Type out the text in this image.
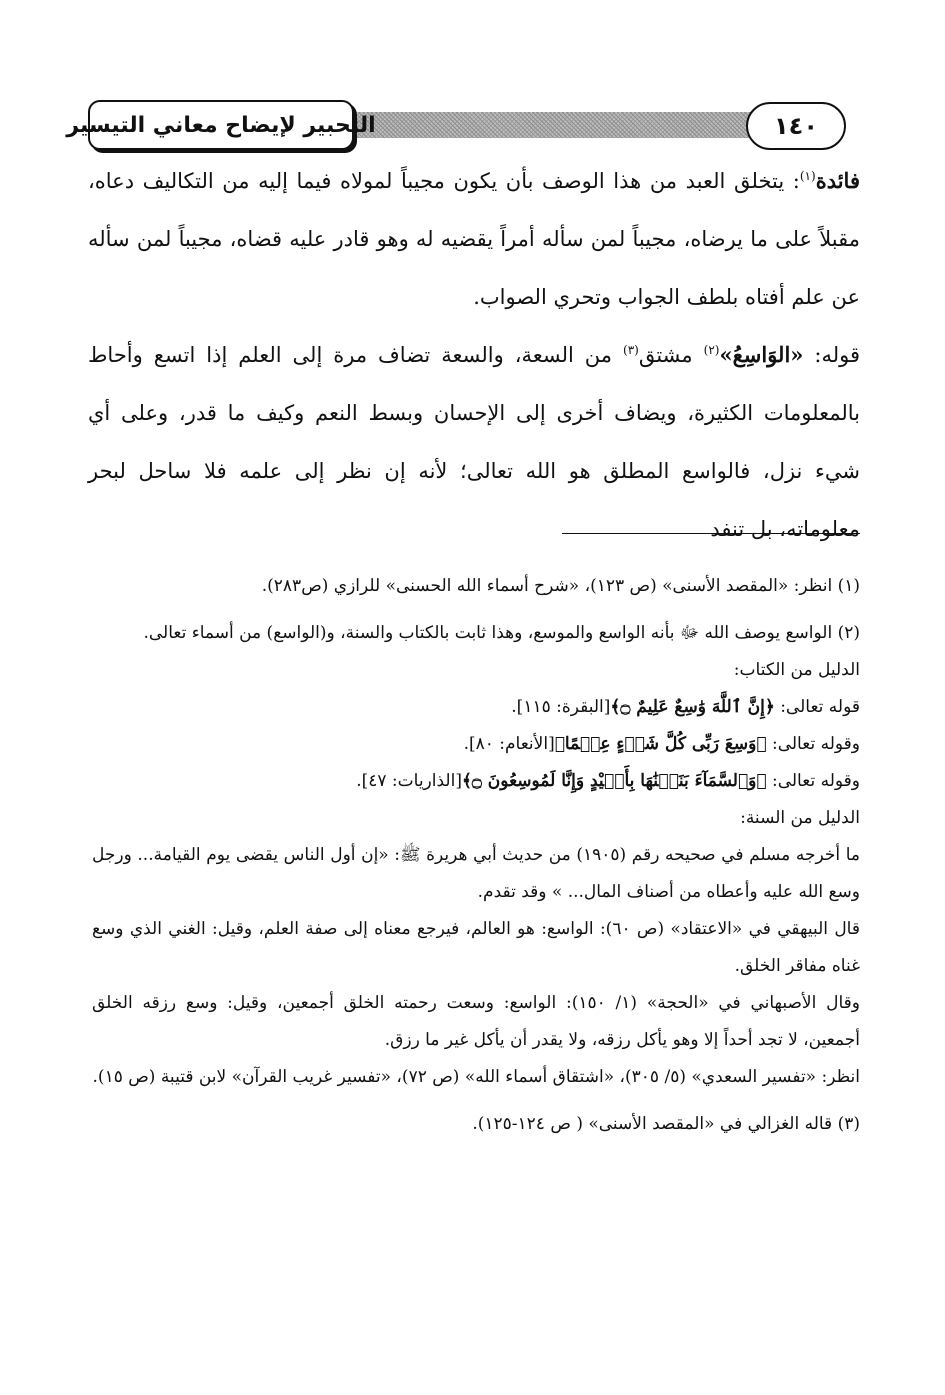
التحبير لإيضاح معاني التيسير	١٤٠

فائدة$^{(١)}$: يتخلق العبد من هذا الوصف بأن يكون مجيباً لمولاه فيما إليه من التكاليف دعاه، مقبلاً على ما يرضاه، مجيباً لمن سأله أمراً يقضيه له وهو قادر عليه قضاه، مجيباً لمن سأله عن علم أفتاه بلطف الجواب وتحري الصواب.

قوله: «الوَاسِعُ»$^{(٢)}$ مشتق$^{(٣)}$ من السعة، والسعة تضاف مرة إلى العلم إذا اتسع وأحاط بالمعلومات الكثيرة، ويضاف أخرى إلى الإحسان وبسط النعم وكيف ما قدر، وعلى أي شيء نزل، فالواسع المطلق هو الله تعالى؛ لأنه إن نظر إلى علمه فلا ساحل لبحر معلوماته، بل تنفد

(١) انظر: «المقصد الأسنى» (ص ١٢٣)، «شرح أسماء الله الحسنى» للرازي (ص٢٨٣).

(٢) الواسع يوصف الله ﷻ بأنه الواسع والموسع، وهذا ثابت بالكتاب والسنة، و(الواسع) من أسماء تعالى.

الدليل من الكتاب:

قوله تعالى: ﴿إِنَّ ٱللَّهَ وَٰسِعٌ عَلِيمٌ ۝﴾[البقرة: ١١٥].

وقوله تعالى: ﴿وَسِعَ رَبِّى كُلَّ شَىۡءٍ عِلۡمًا﴾[الأنعام: ٨٠].

وقوله تعالى: ﴿وَٱلسَّمَآءَ بَنَيۡنَٰهَا بِأَيۡيْدٍ وَإِنَّا لَمُوسِعُونَ ۝﴾[الذاريات: ٤٧].

الدليل من السنة:

ما أخرجه مسلم في صحيحه رقم (١٩٠٥) من حديث أبي هريرة ﷺ: «إن أول الناس يقضى يوم القيامة... ورجل وسع الله عليه وأعطاه من أصناف المال... » وقد تقدم.

قال البيهقي في «الاعتقاد» (ص ٦٠): الواسع: هو العالم، فيرجع معناه إلى صفة العلم، وقيل: الغني الذي وسع غناه مفاقر الخلق.

وقال الأصبهاني في «الحجة» (١/ ١٥٠): الواسع: وسعت رحمته الخلق أجمعين، وقيل: وسع رزقه الخلق أجمعين، لا تجد أحداً إلا وهو يأكل رزقه، ولا يقدر أن يأكل غير ما رزق.

انظر: «تفسير السعدي» (٥/ ٣٠٥)، «اشتقاق أسماء الله» (ص ٧٢)، «تفسير غريب القرآن» لابن قتيبة (ص ١٥).

(٣) قاله الغزالي في «المقصد الأسنى» ( ص ١٢٤-١٢٥).
